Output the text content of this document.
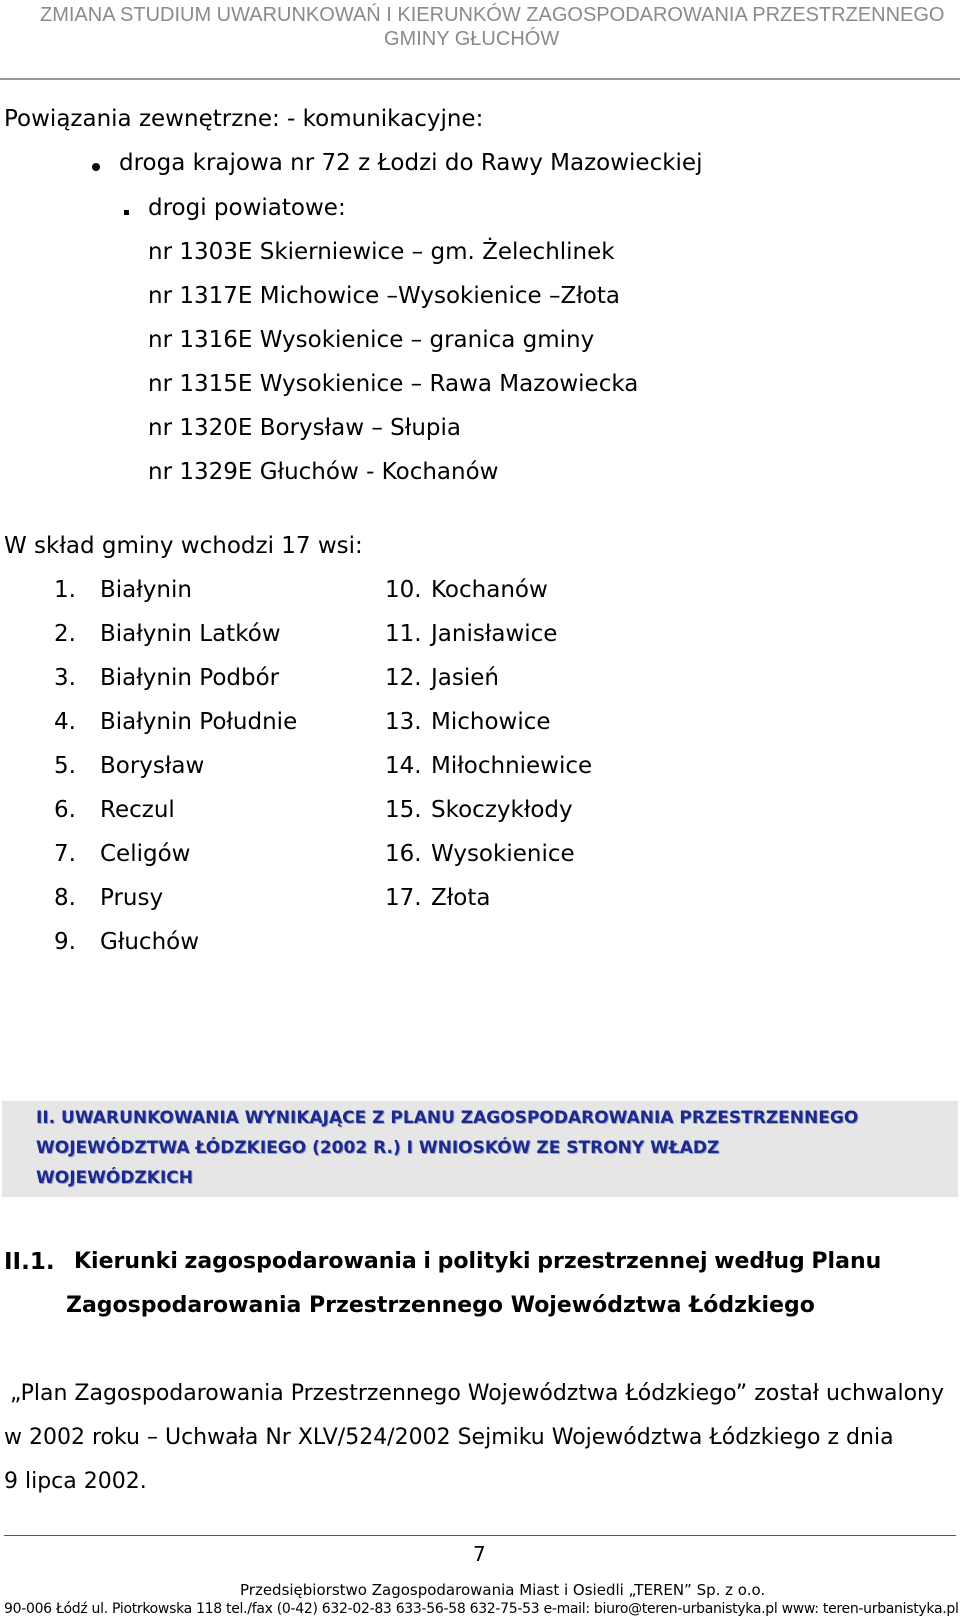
ZMIANA STUDIUM UWARUNKOWAŃ I KIERUNKÓW ZAGOSPODAROWANIA PRZESTRZENNEGO
GMINY GŁUCHÓW
Powiązania zewnętrzne: - komunikacyjne:
droga krajowa nr 72 z Łodzi do Rawy Mazowieckiej
drogi powiatowe:
nr 1303E Skierniewice – gm. Żelechlinek
nr 1317E Michowice –Wysokienice –Złota
nr 1316E Wysokienice – granica gminy
nr 1315E Wysokienice – Rawa Mazowiecka
nr 1320E Borysław – Słupia
nr 1329E Głuchów - Kochanów
W skład gminy wchodzi 17 wsi:
1. Białynin
2. Białynin Latków
3. Białynin Podbór
4. Białynin Południe
5. Borysław
6. Reczul
7. Celigów
8. Prusy
9. Głuchów
10. Kochanów
11. Janisławice
12. Jasień
13. Michowice
14. Miłochniewice
15. Skoczykłody
16. Wysokienice
17. Złota
II. UWARUNKOWANIA WYNIKAJĄCE Z PLANU ZAGOSPODAROWANIA PRZESTRZENNEGO
WOJEWÓDZTWA ŁÓDZKIEGO (2002 R.) I WNIOSKÓW ZE STRONY WŁADZ
WOJEWÓDZKICH
II.1. Kierunki zagospodarowania i polityki przestrzennej według Planu
Zagospodarowania Przestrzennego Województwa Łódzkiego
„Plan Zagospodarowania Przestrzennego Województwa Łódzkiego” został uchwalony
w 2002 roku – Uchwała Nr XLV/524/2002 Sejmiku Województwa Łódzkiego z dnia
9 lipca 2002.
7
Przedsiębiorstwo Zagospodarowania Miast i Osiedli „TEREN” Sp. z o.o.
90-006 Łódź ul. Piotrkowska 118 tel./fax (0-42) 632-02-83 633-56-58 632-75-53 e-mail: biuro@teren-urbanistyka.pl www: teren-urbanistyka.pl
